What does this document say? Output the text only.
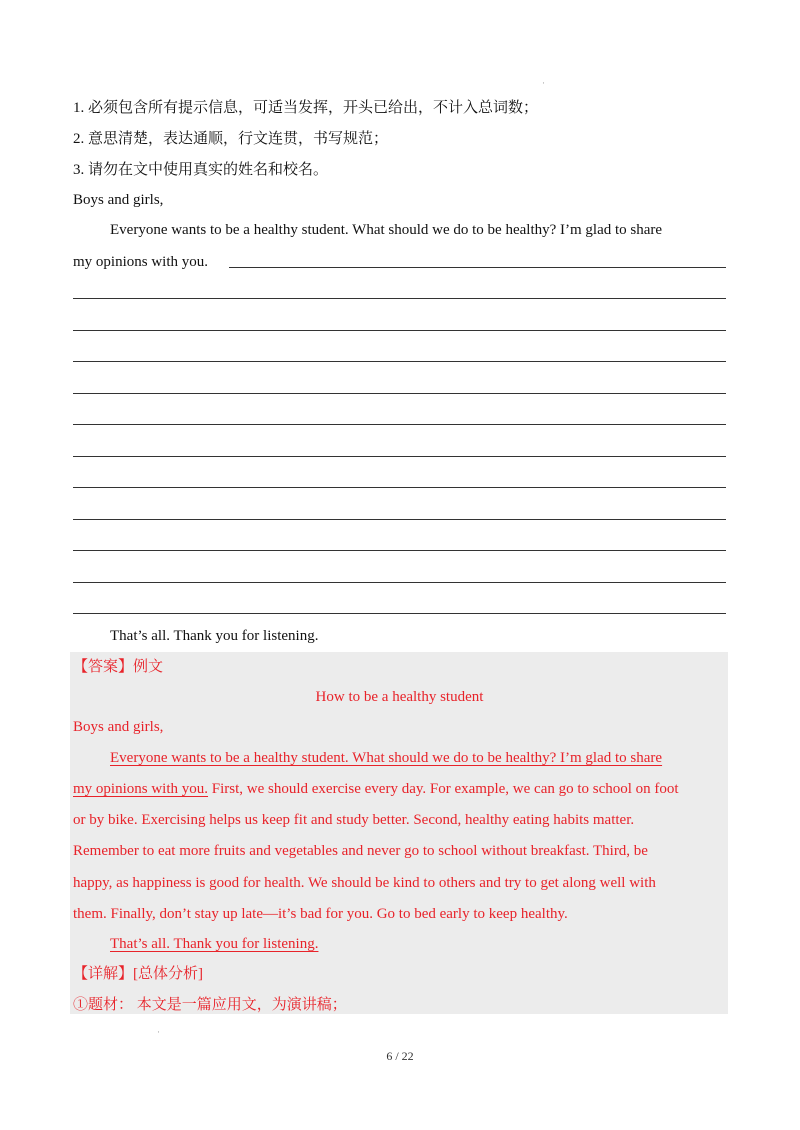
·
1. 必须包含所有提示信息，可适当发挥，开头已给出，不计入总词数；
2. 意思清楚，表达通顺，行文连贯，书写规范；
3. 请勿在文中使用真实的姓名和校名。
Boys and girls,
Everyone wants to be a healthy student. What should we do to be healthy? I’m glad to share
my opinions with you.
That’s all. Thank you for listening.
【答案】例文
How to be a healthy student
Boys and girls,
Everyone wants to be a healthy student. What should we do to be healthy? I’m glad to share
my opinions with you. First, we should exercise every day. For example, we can go to school on foot
or by bike. Exercising helps us keep fit and study better. Second, healthy eating habits matter.
Remember to eat more fruits and vegetables and never go to school without breakfast. Third, be
happy, as happiness is good for health. We should be kind to others and try to get along well with
them. Finally, don’t stay up late—it’s bad for you. Go to bed early to keep healthy.
That’s all. Thank you for listening.
【详解】[总体分析]
①题材： 本文是一篇应用文，为演讲稿；
·
6 / 22
